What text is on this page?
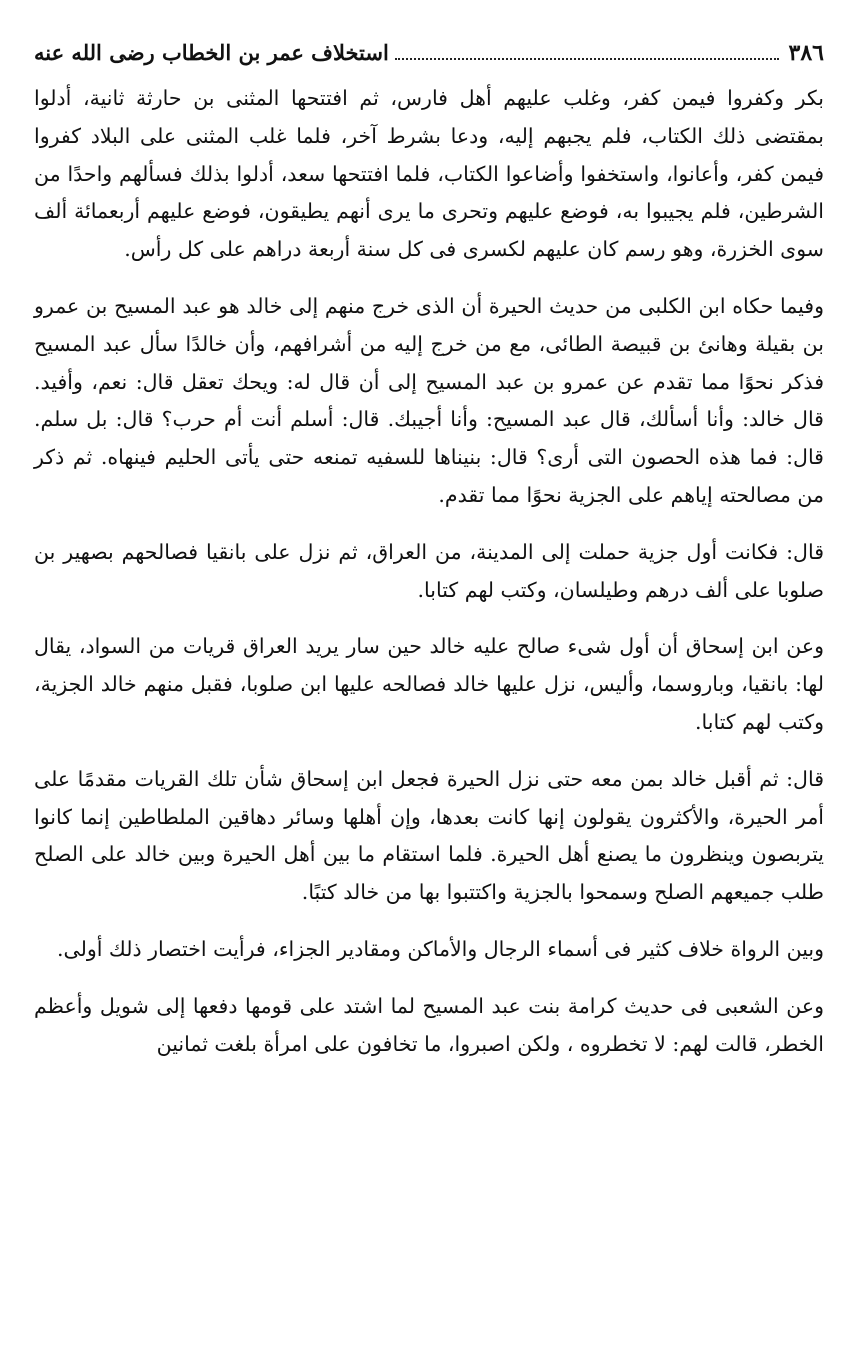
٣٨٦
استخلاف عمر بن الخطاب رضى الله عنه

بكر وكفروا فيمن كفر، وغلب عليهم أهل فارس، ثم افتتحها المثنى بن حارثة ثانية، أدلوا بمقتضى ذلك الكتاب، فلم يجبهم إليه، ودعا بشرط آخر، فلما غلب المثنى على البلاد كفروا فيمن كفر، وأعانوا، واستخفوا وأضاعوا الكتاب، فلما افتتحها سعد، أدلوا بذلك فسألهم واحدًا من الشرطين، فلم يجيبوا به، فوضع عليهم وتحرى ما يرى أنهم يطيقون، فوضع عليهم أربعمائة ألف سوى الخزرة، وهو رسم كان عليهم لكسرى فى كل سنة أربعة دراهم على كل رأس.

وفيما حكاه ابن الكلبى من حديث الحيرة أن الذى خرج منهم إلى خالد هو عبد المسيح بن عمرو بن بقيلة وهانئ بن قبيصة الطائى، مع من خرج إليه من أشرافهم، وأن خالدًا سأل عبد المسيح فذكر نحوًا مما تقدم عن عمرو بن عبد المسيح إلى أن قال له: ويحك تعقل قال: نعم، وأفيد. قال خالد: وأنا أسألك، قال عبد المسيح: وأنا أجيبك. قال: أسلم أنت أم حرب؟ قال: بل سلم. قال: فما هذه الحصون التى أرى؟ قال: بنيناها للسفيه تمنعه حتى يأتى الحليم فينهاه. ثم ذكر من مصالحته إياهم على الجزية نحوًا مما تقدم.

قال: فكانت أول جزية حملت إلى المدينة، من العراق، ثم نزل على بانقيا فصالحهم بصهير بن صلوبا على ألف درهم وطيلسان، وكتب لهم كتابا.

وعن ابن إسحاق أن أول شىء صالح عليه خالد حين سار يريد العراق قريات من السواد، يقال لها: بانقيا، وباروسما، وأليس، نزل عليها خالد فصالحه عليها ابن صلوبا، فقبل منهم خالد الجزية، وكتب لهم كتابا.

قال: ثم أقبل خالد بمن معه حتى نزل الحيرة فجعل ابن إسحاق شأن تلك القريات مقدمًا على أمر الحيرة، والأكثرون يقولون إنها كانت بعدها، وإن أهلها وسائر دهاقين الملطاطين إنما كانوا يتربصون وينظرون ما يصنع أهل الحيرة. فلما استقام ما بين أهل الحيرة وبين خالد على الصلح طلب جميعهم الصلح وسمحوا بالجزية واكتتبوا بها من خالد كتبًا.

وبين الرواة خلاف كثير فى أسماء الرجال والأماكن ومقادير الجزاء، فرأيت اختصار ذلك أولى.

وعن الشعبى فى حديث كرامة بنت عبد المسيح لما اشتد على قومها دفعها إلى شويل وأعظم الخطر، قالت لهم: لا تخطروه ، ولكن اصبروا، ما تخافون على امرأة بلغت ثمانين
